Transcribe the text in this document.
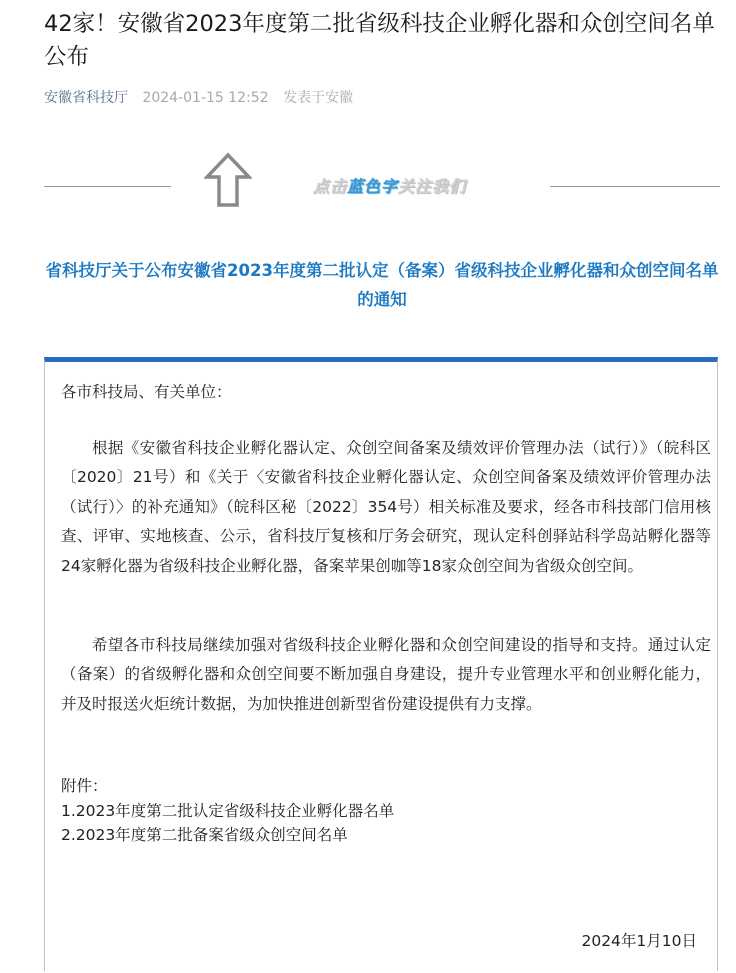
42家！安徽省2023年度第二批省级科技企业孵化器和众创空间名单公布
安徽省科技厅 2024-01-15 12:52 发表于安徽
点击蓝色字关注我们
省科技厅关于公布安徽省2023年度第二批认定（备案）省级科技企业孵化器和众创空间名单的通知

各市科技局、有关单位：

根据《安徽省科技企业孵化器认定、众创空间备案及绩效评价管理办法（试行）》（皖科区〔2020〕21号）和《关于〈安徽省科技企业孵化器认定、众创空间备案及绩效评价管理办法（试行）〉的补充通知》（皖科区秘〔2022〕354号）相关标准及要求，经各市科技部门信用核查、评审、实地核查、公示，省科技厅复核和厅务会研究，现认定科创驿站科学岛站孵化器等24家孵化器为省级科技企业孵化器，备案苹果创咖等18家众创空间为省级众创空间。

希望各市科技局继续加强对省级科技企业孵化器和众创空间建设的指导和支持。通过认定（备案）的省级孵化器和众创空间要不断加强自身建设，提升专业管理水平和创业孵化能力，并及时报送火炬统计数据，为加快推进创新型省份建设提供有力支撑。

附件：
1.2023年度第二批认定省级科技企业孵化器名单
2.2023年度第二批备案省级众创空间名单
2024年1月10日
